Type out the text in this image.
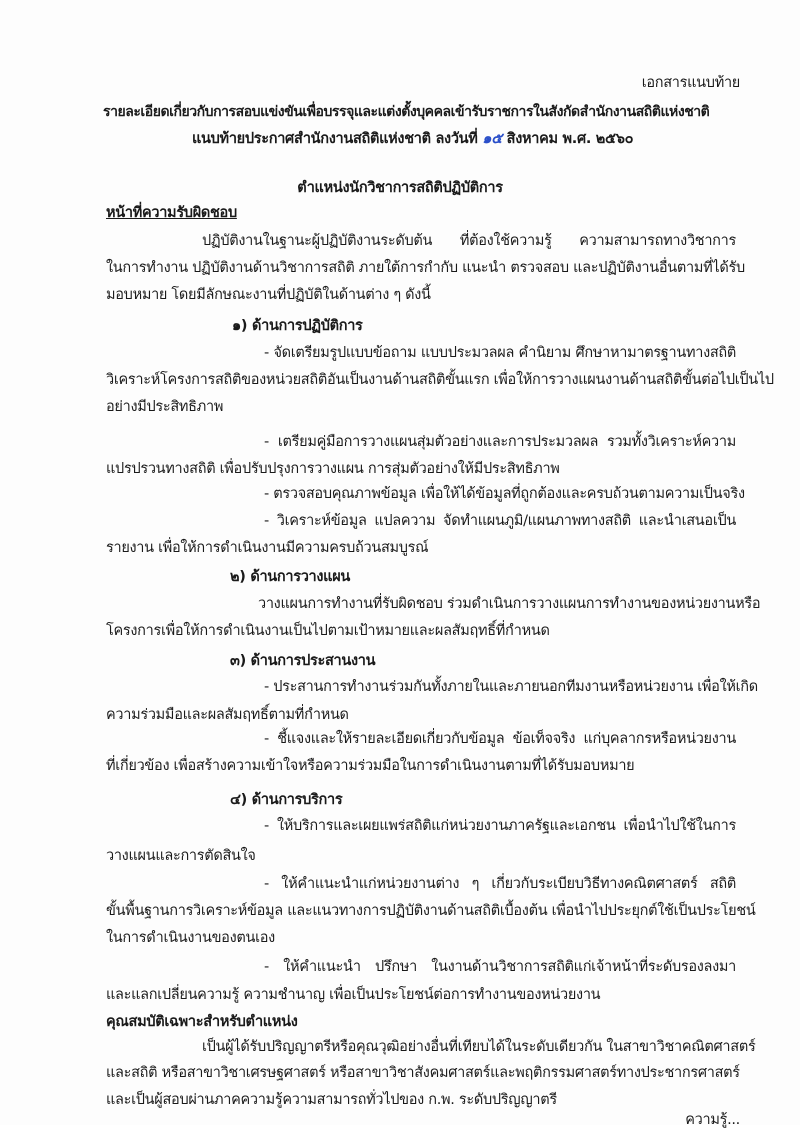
เอกสารแนบท้าย
รายละเอียดเกี่ยวกับการสอบแข่งขันเพื่อบรรจุและแต่งตั้งบุคคลเข้ารับราชการในสังกัดสำนักงานสถิติแห่งชาติ
แนบท้ายประกาศสำนักงานสถิติแห่งชาติ ลงวันที่ ๑๕ สิงหาคม พ.ศ. ๒๕๖๐
ตำแหน่งนักวิชาการสถิติปฏิบัติการ
หน้าที่ความรับผิดชอบ
ปฏิบัติงานในฐานะผู้ปฏิบัติงานระดับต้น ที่ต้องใช้ความรู้ ความสามารถทางวิชาการ
ในการทำงาน ปฏิบัติงานด้านวิชาการสถิติ ภายใต้การกำกับ แนะนำ ตรวจสอบ และปฏิบัติงานอื่นตามที่ได้รับ
มอบหมาย โดยมีลักษณะงานที่ปฏิบัติในด้านต่าง ๆ ดังนี้
๑) ด้านการปฏิบัติการ
- จัดเตรียมรูปแบบข้อถาม แบบประมวลผล คำนิยาม ศึกษาหามาตรฐานทางสถิติ
วิเคราะห์โครงการสถิติของหน่วยสถิติอันเป็นงานด้านสถิติขั้นแรก เพื่อให้การวางแผนงานด้านสถิติขั้นต่อไปเป็นไป
อย่างมีประสิทธิภาพ
- เตรียมคู่มือการวางแผนสุ่มตัวอย่างและการประมวลผล รวมทั้งวิเคราะห์ความ
แปรปรวนทางสถิติ เพื่อปรับปรุงการวางแผน การสุ่มตัวอย่างให้มีประสิทธิภาพ
- ตรวจสอบคุณภาพข้อมูล เพื่อให้ได้ข้อมูลที่ถูกต้องและครบถ้วนตามความเป็นจริง
- วิเคราะห์ข้อมูล แปลความ จัดทำแผนภูมิ/แผนภาพทางสถิติ และนำเสนอเป็น
รายงาน เพื่อให้การดำเนินงานมีความครบถ้วนสมบูรณ์
๒) ด้านการวางแผน
วางแผนการทำงานที่รับผิดชอบ ร่วมดำเนินการวางแผนการทำงานของหน่วยงานหรือ
โครงการเพื่อให้การดำเนินงานเป็นไปตามเป้าหมายและผลสัมฤทธิ์ที่กำหนด
๓) ด้านการประสานงาน
- ประสานการทำงานร่วมกันทั้งภายในและภายนอกทีมงานหรือหน่วยงาน เพื่อให้เกิด
ความร่วมมือและผลสัมฤทธิ์ตามที่กำหนด
- ชี้แจงและให้รายละเอียดเกี่ยวกับข้อมูล ข้อเท็จจริง แก่บุคลากรหรือหน่วยงาน
ที่เกี่ยวข้อง เพื่อสร้างความเข้าใจหรือความร่วมมือในการดำเนินงานตามที่ได้รับมอบหมาย
๔) ด้านการบริการ
- ให้บริการและเผยแพร่สถิติแก่หน่วยงานภาครัฐและเอกชน เพื่อนำไปใช้ในการ
วางแผนและการตัดสินใจ
- ให้คำแนะนำแก่หน่วยงานต่าง ๆ เกี่ยวกับระเบียบวิธีทางคณิตศาสตร์ สถิติ
ขั้นพื้นฐานการวิเคราะห์ข้อมูล และแนวทางการปฏิบัติงานด้านสถิติเบื้องต้น เพื่อนำไปประยุกต์ใช้เป็นประโยชน์
ในการดำเนินงานของตนเอง
- ให้คำแนะนำ ปรึกษา ในงานด้านวิชาการสถิติแก่เจ้าหน้าที่ระดับรองลงมา
และแลกเปลี่ยนความรู้ ความชำนาญ เพื่อเป็นประโยชน์ต่อการทำงานของหน่วยงาน
คุณสมบัติเฉพาะสำหรับตำแหน่ง
เป็นผู้ได้รับปริญญาตรีหรือคุณวุฒิอย่างอื่นที่เทียบได้ในระดับเดียวกัน ในสาขาวิชาคณิตศาสตร์
และสถิติ หรือสาขาวิชาเศรษฐศาสตร์ หรือสาขาวิชาสังคมศาสตร์และพฤติกรรมศาสตร์ทางประชากรศาสตร์
และเป็นผู้สอบผ่านภาคความรู้ความสามารถทั่วไปของ ก.พ. ระดับปริญญาตรี
ความรู้...
